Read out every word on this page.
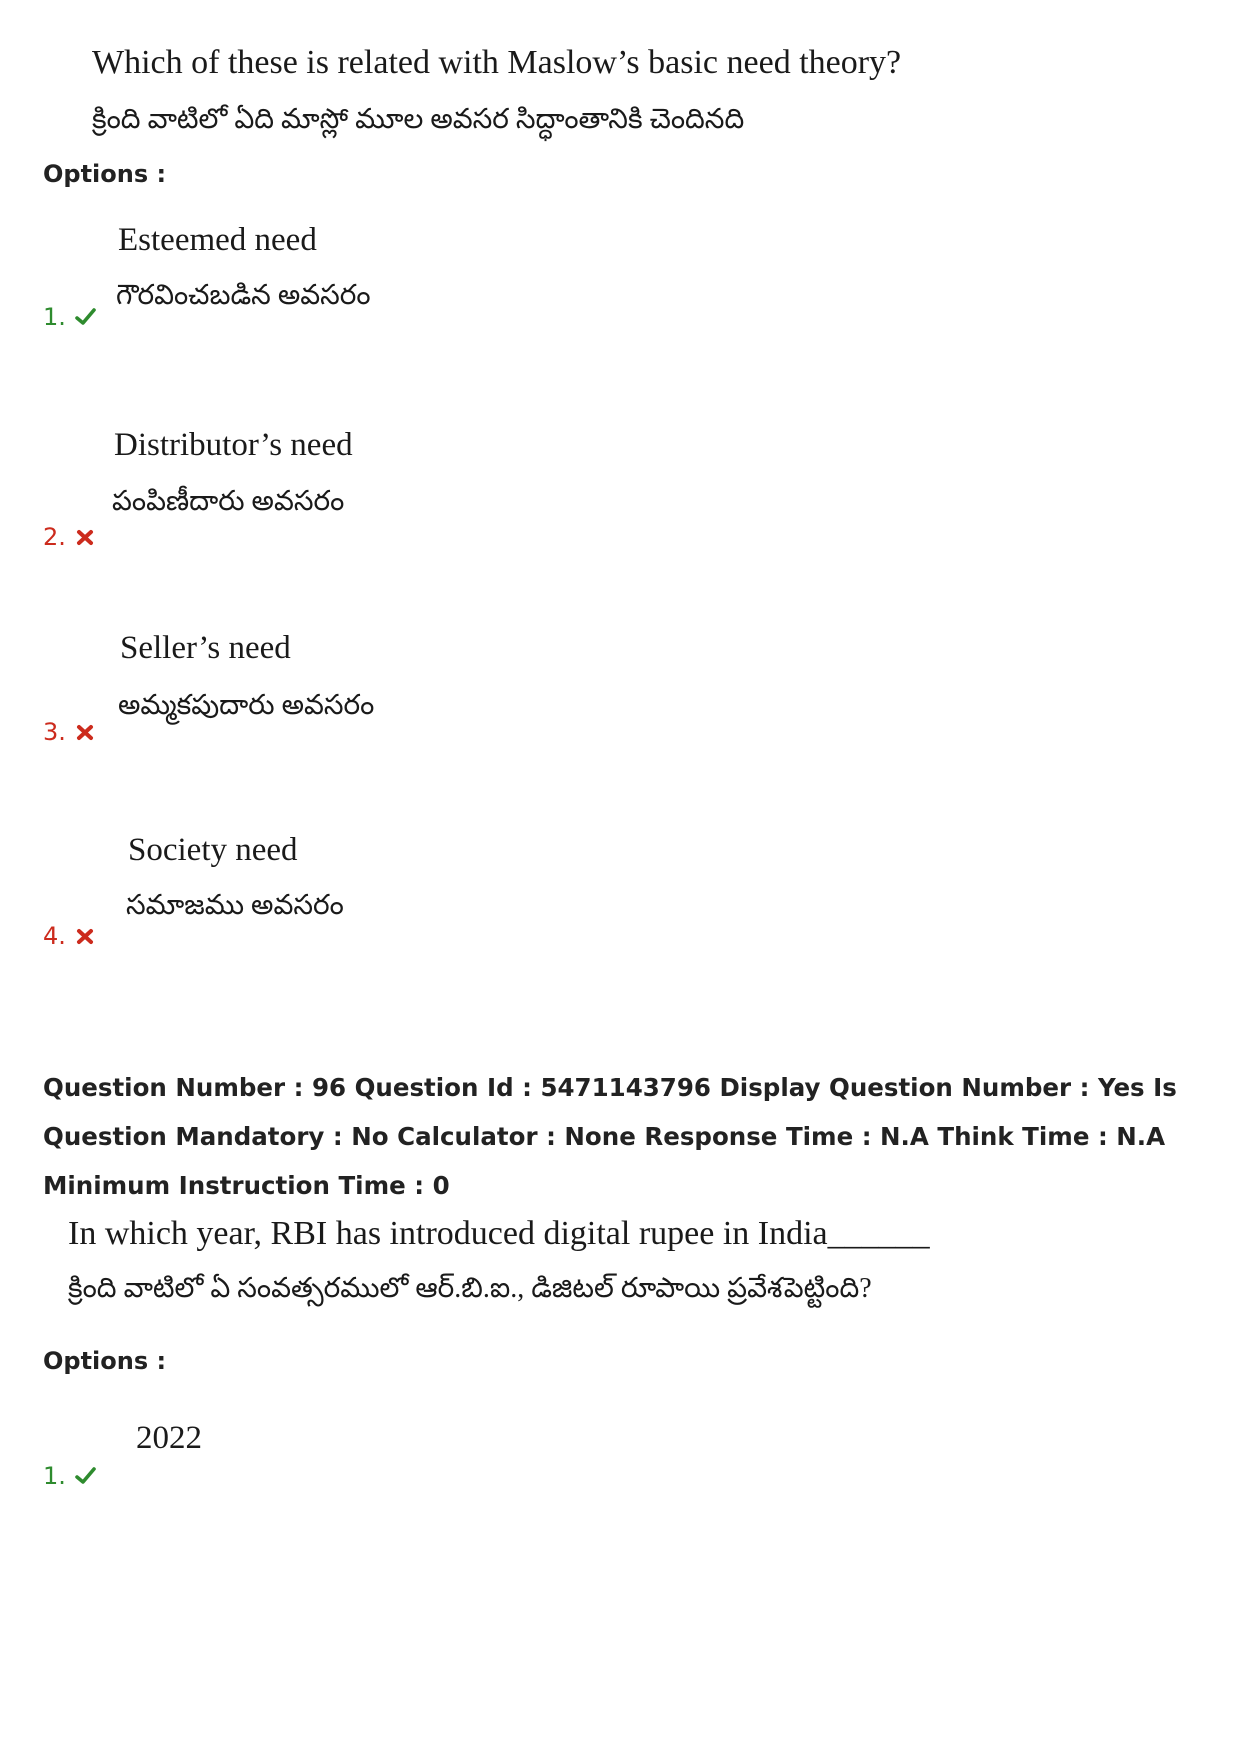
Which of these is related with Maslow’s basic need theory?
క్రింది వాటిలో ఏది మాస్లో మూల అవసర సిద్ధాంతానికి చెందినది
Options :
Esteemed need
గౌరవించబడిన అవసరం
1.
Distributor’s need
పంపిణీదారు అవసరం
2.
Seller’s need
అమ్మకపుదారు అవసరం
3.
Society need
సమాజము అవసరం
4.
Question Number : 96 Question Id : 5471143796 Display Question Number : Yes Is Question Mandatory : No Calculator : None Response Time : N.A Think Time : N.A Minimum Instruction Time : 0
In which year, RBI has introduced digital rupee in India______
క్రింది వాటిలో ఏ సంవత్సరములో ఆర్.బి.ఐ., డిజిటల్ రూపాయి ప్రవేశపెట్టింది?
Options :
2022
1.
